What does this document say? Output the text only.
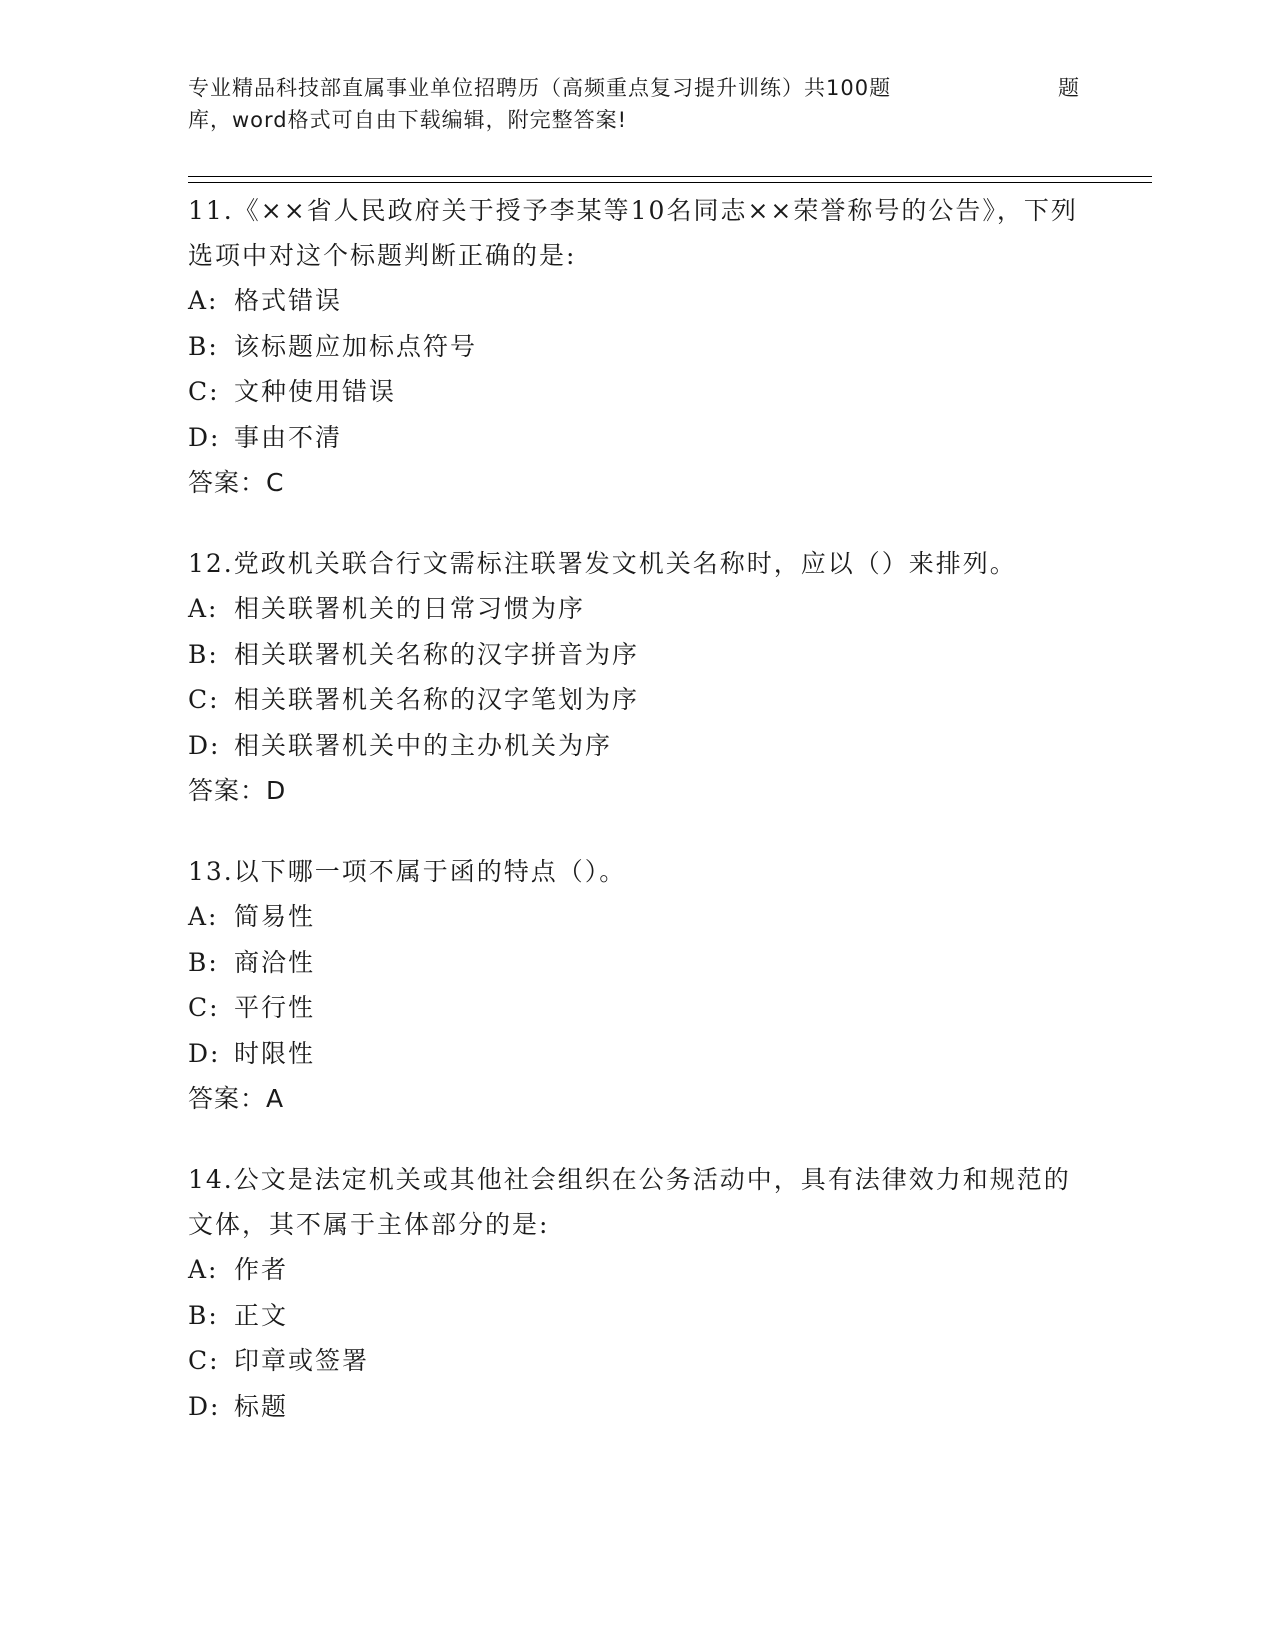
专业精品科技部直属事业单位招聘历（高频重点复习提升训练）共100题	题
库，word格式可自由下载编辑，附完整答案!

11.《××省人民政府关于授予李某等10名同志××荣誉称号的公告》，下列选项中对这个标题判断正确的是:

A: 格式错误
B: 该标题应加标点符号
C: 文种使用错误
D: 事由不清
答案：C

12.党政机关联合行文需标注联署发文机关名称时，应以（）来排列。

A: 相关联署机关的日常习惯为序
B: 相关联署机关名称的汉字拼音为序
C: 相关联署机关名称的汉字笔划为序
D: 相关联署机关中的主办机关为序
答案：D

13.以下哪一项不属于函的特点（）。

A: 简易性
B: 商洽性
C: 平行性
D: 时限性
答案：A

14.公文是法定机关或其他社会组织在公务活动中，具有法律效力和规范的文体，其不属于主体部分的是:

A: 作者
B: 正文
C: 印章或签署
D: 标题
